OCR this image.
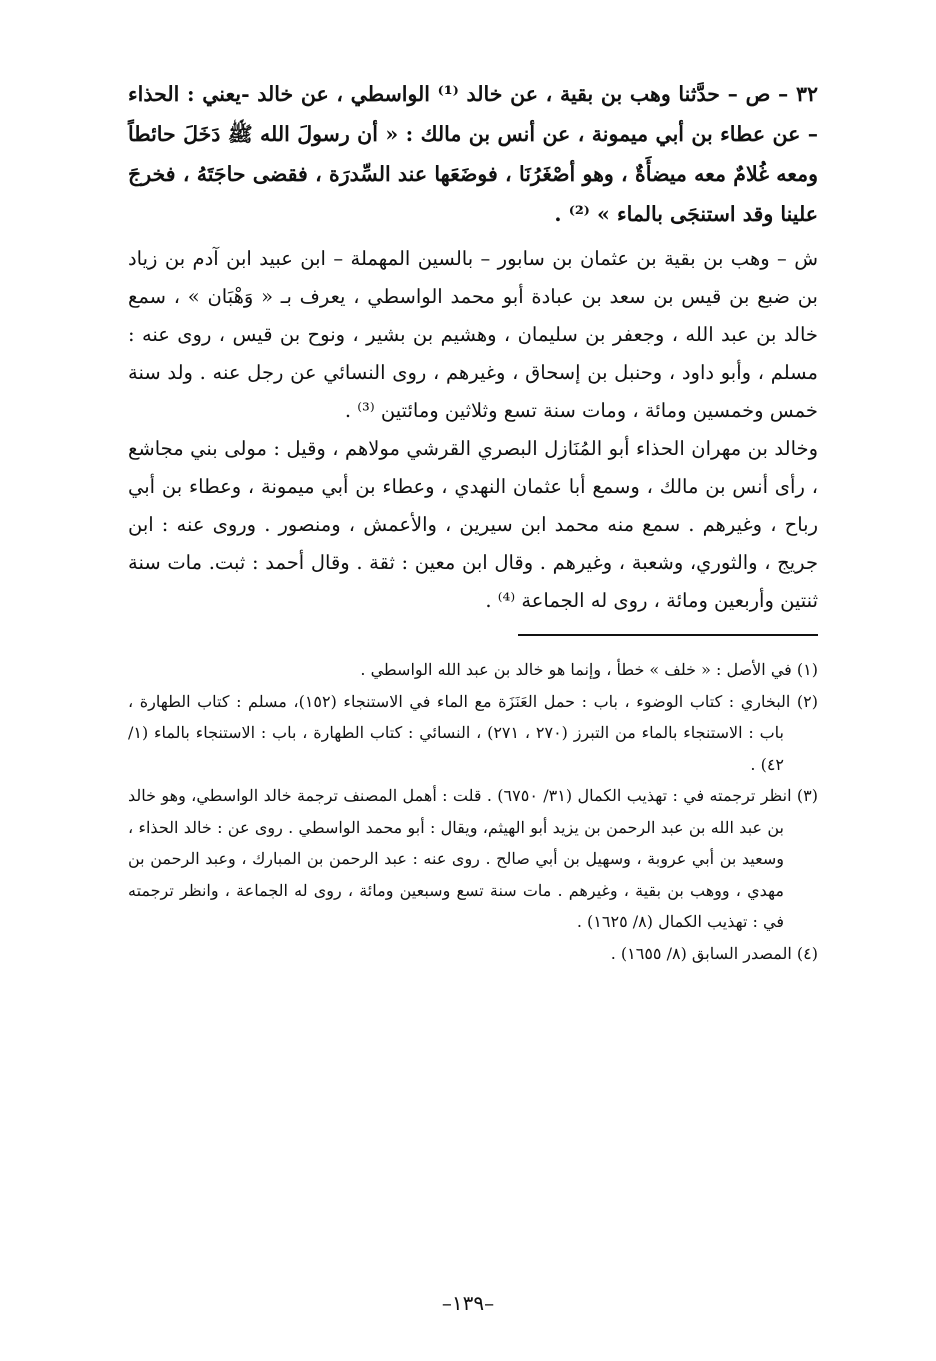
٣٢ – ص – حدَّثنا وهب بن بقية ، عن خالد ⁽¹⁾ الواسطي ، عن خالد -يعني : الحذاء – عن عطاء بن أبي ميمونة ، عن أنس بن مالك : « أن رسولَ الله ﷺ دَخَلَ حائطاً ومعه غُلامٌ معه ميضأَةٌ ، وهو أصْغَرُنَا ، فوضَعَها عند السِّدرَة ، فقضى حاجَتَهُ ، فخرجَ علينا وقد استنجَى بالماء » ⁽²⁾ .

ش – وهب بن بقية بن عثمان بن سابور – بالسين المهملة – ابن عبيد ابن آدم بن زياد بن ضبع بن قيس بن سعد بن عبادة أبو محمد الواسطي ، يعرف بـ « وَهْبَان » ، سمع خالد بن عبد الله ، وجعفر بن سليمان ، وهشيم بن بشير ، ونوح بن قيس ، روى عنه : مسلم ، وأبو داود ، وحنبل بن إسحاق ، وغيرهم ، روى النسائي عن رجل عنه . ولد سنة خمس وخمسين ومائة ، ومات سنة تسع وثلاثين ومائتين ⁽³⁾ .

وخالد بن مهران الحذاء أبو المُنَازل البصري القرشي مولاهم ، وقيل : مولى بني مجاشع ، رأى أنس بن مالك ، وسمع أبا عثمان النهدي ، وعطاء بن أبي ميمونة ، وعطاء بن أبي رباح ، وغيرهم . سمع منه محمد ابن سيرين ، والأعمش ، ومنصور . وروى عنه : ابن جريج ، والثوري، وشعبة ، وغيرهم . وقال ابن معين : ثقة . وقال أحمد : ثبت. مات سنة ثنتين وأربعين ومائة ، روى له الجماعة ⁽⁴⁾ .

(١) في الأصل : « خلف » خطأ ، وإنما هو خالد بن عبد الله الواسطي .

(٢) البخاري : كتاب الوضوء ، باب : حمل العَنَزَة مع الماء في الاستنجاء (١٥٢)، مسلم : كتاب الطهارة ، باب : الاستنجاء بالماء من التبرز (٢٧٠ ، ٢٧١) ، النسائي : كتاب الطهارة ، باب : الاستنجاء بالماء (١/ ٤٢) .

(٣) انظر ترجمته في : تهذيب الكمال (٣١/ ٦٧٥٠) . قلت : أهمل المصنف ترجمة خالد الواسطي، وهو خالد بن عبد الله بن عبد الرحمن بن يزيد أبو الهيثم، ويقال : أبو محمد الواسطي . روى عن : خالد الحذاء ، وسعيد بن أبي عروبة ، وسهيل بن أبي صالح . روى عنه : عبد الرحمن بن المبارك ، وعبد الرحمن بن مهدي ، ووهب بن بقية ، وغيرهم . مات سنة تسع وسبعين ومائة ، روى له الجماعة ، وانظر ترجمته في : تهذيب الكمال (٨/ ١٦٢٥) .

(٤) المصدر السابق (٨/ ١٦٥٥) .

–١٣٩–
